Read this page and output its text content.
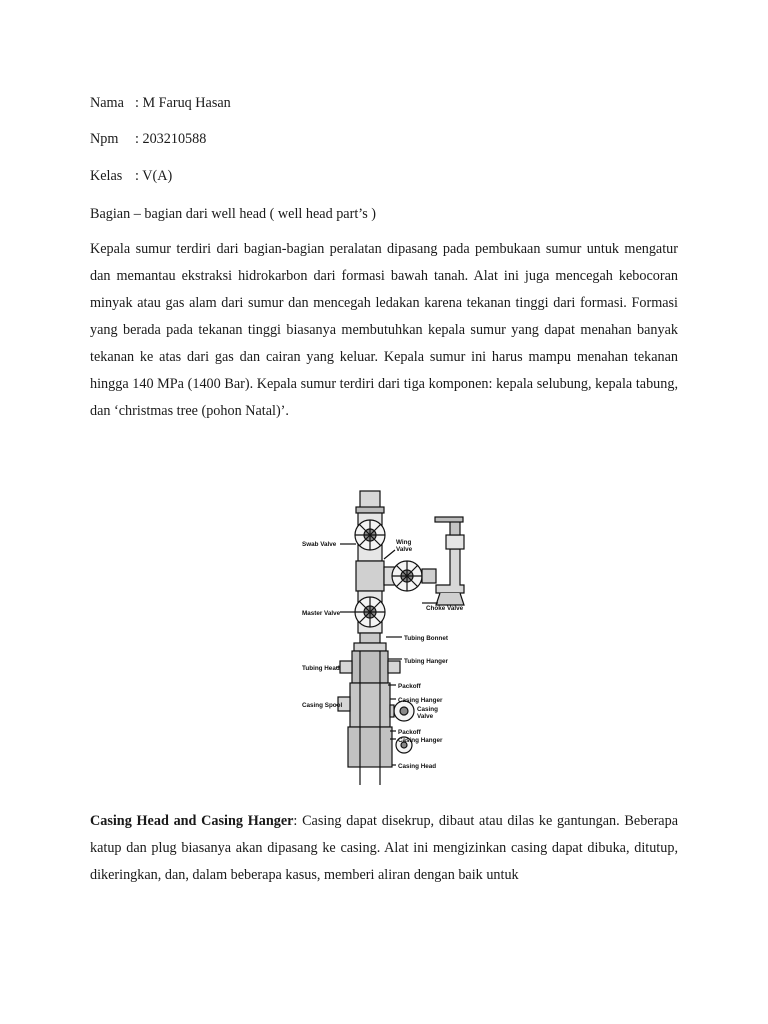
Nama : M Faruq Hasan
Npm : 203210588
Kelas : V(A)
Bagian – bagian dari well head ( well head part’s )

Kepala sumur terdiri dari bagian-bagian peralatan dipasang pada pembukaan sumur untuk mengatur dan memantau ekstraksi hidrokarbon dari formasi bawah tanah. Alat ini juga mencegah kebocoran minyak atau gas alam dari sumur dan mencegah ledakan karena tekanan tinggi dari formasi. Formasi yang berada pada tekanan tinggi biasanya membutuhkan kepala sumur yang dapat menahan banyak tekanan ke atas dari gas dan cairan yang keluar. Kepala sumur ini harus mampu menahan tekanan hingga 140 MPa (1400 Bar). Kepala sumur terdiri dari tiga komponen: kepala selubung, kepala tabung, dan ‘christmas tree (pohon Natal)’.

Swab Valve	Wing
Valve
Choke Valve
Master Valve
Tubing Bonnet
Tubing Head
Tubing Hanger
Packoff
Casing Hanger
Casing Spool
Casing
Valve
Packoff
Casing Hanger
Casing Head

Casing Head and Casing Hanger: Casing dapat disekrup, dibaut atau dilas ke gantungan. Beberapa katup dan plug biasanya akan dipasang ke casing. Alat ini mengizinkan casing dapat dibuka, ditutup, dikeringkan, dan, dalam beberapa kasus, memberi aliran dengan baik untuk
